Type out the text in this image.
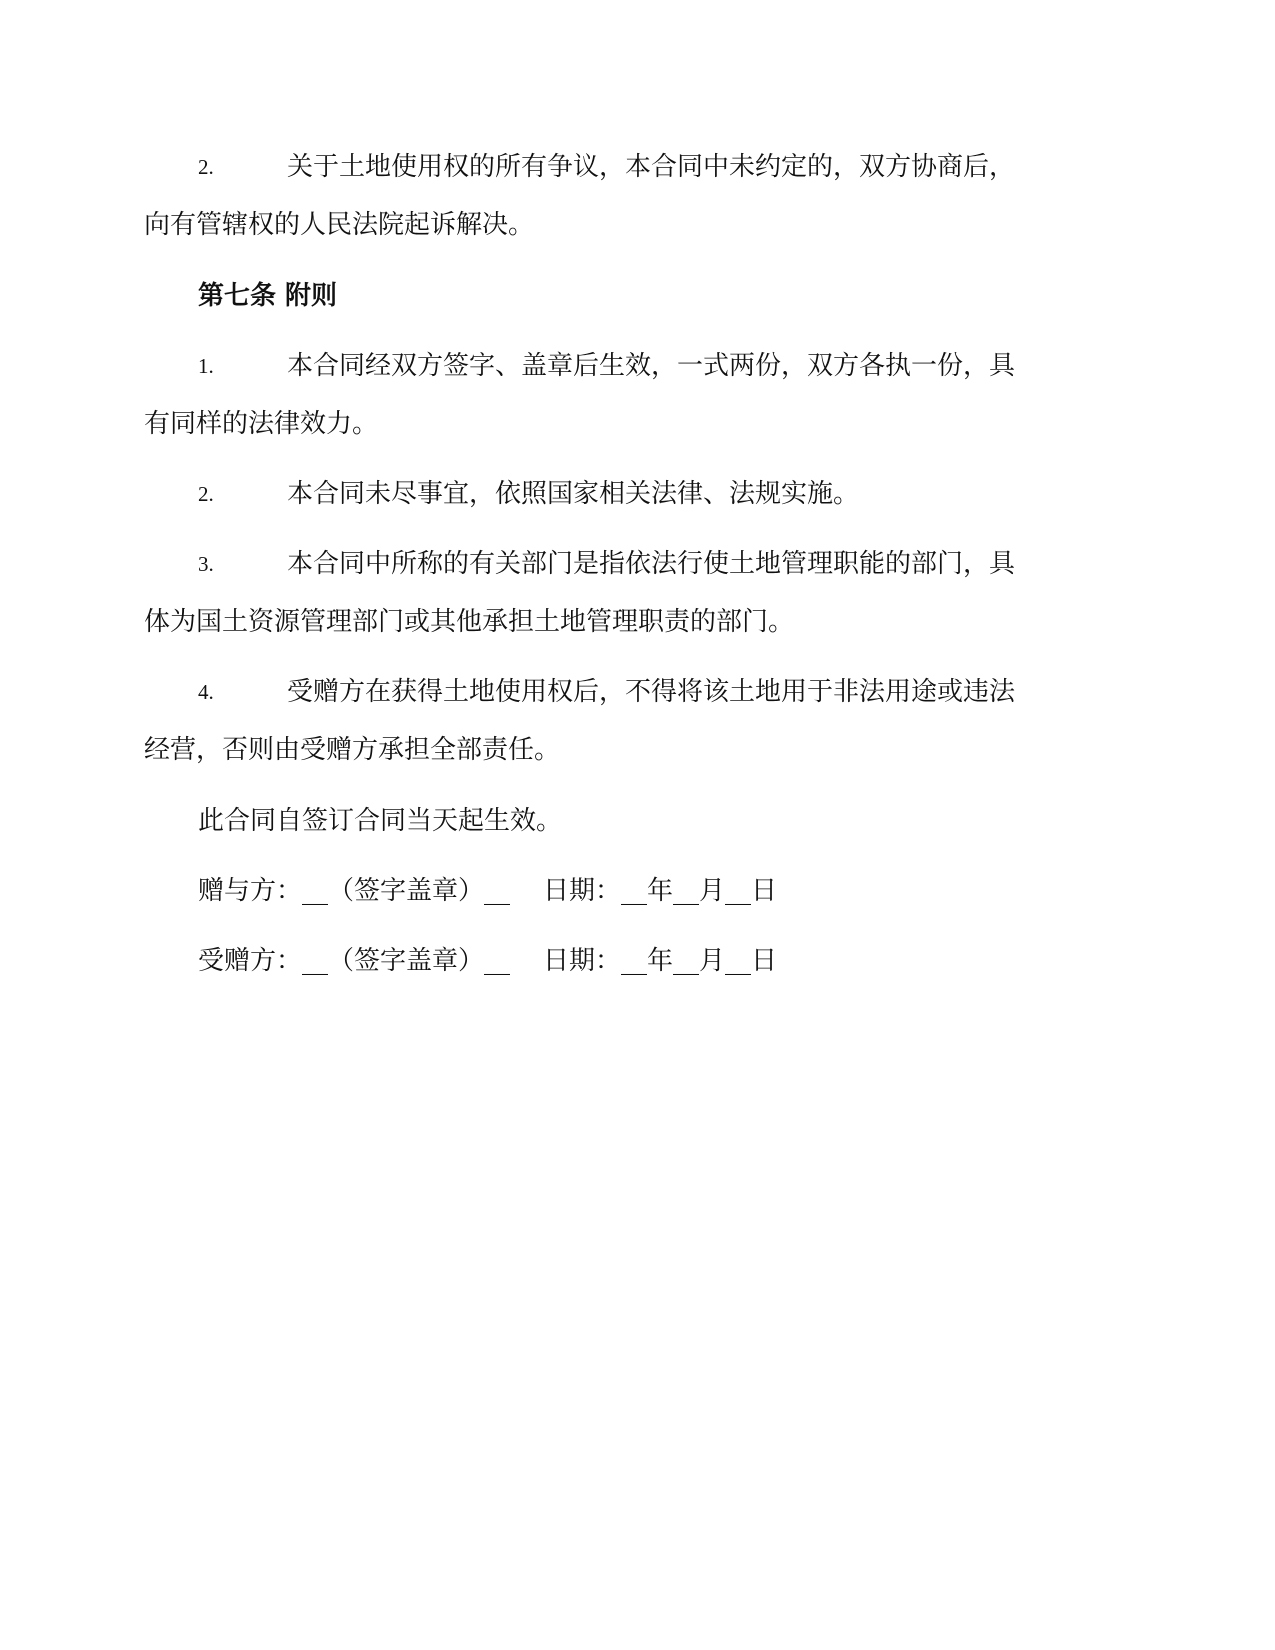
2.	关于土地使用权的所有争议，本合同中未约定的，双方协商后，
向有管辖权的人民法院起诉解决。
第七条 附则
1.	本合同经双方签字、盖章后生效，一式两份，双方各执一份，具
有同样的法律效力。
2.	本合同未尽事宜，依照国家相关法律、法规实施。
3.	本合同中所称的有关部门是指依法行使土地管理职能的部门，具
体为国土资源管理部门或其他承担土地管理职责的部门。
4.	受赠方在获得土地使用权后，不得将该土地用于非法用途或违法
经营，否则由受赠方承担全部责任。
此合同自签订合同当天起生效。
赠与方：__（签字盖章）__    日期：__年__月__日
受赠方：__（签字盖章）__    日期：__年__月__日
